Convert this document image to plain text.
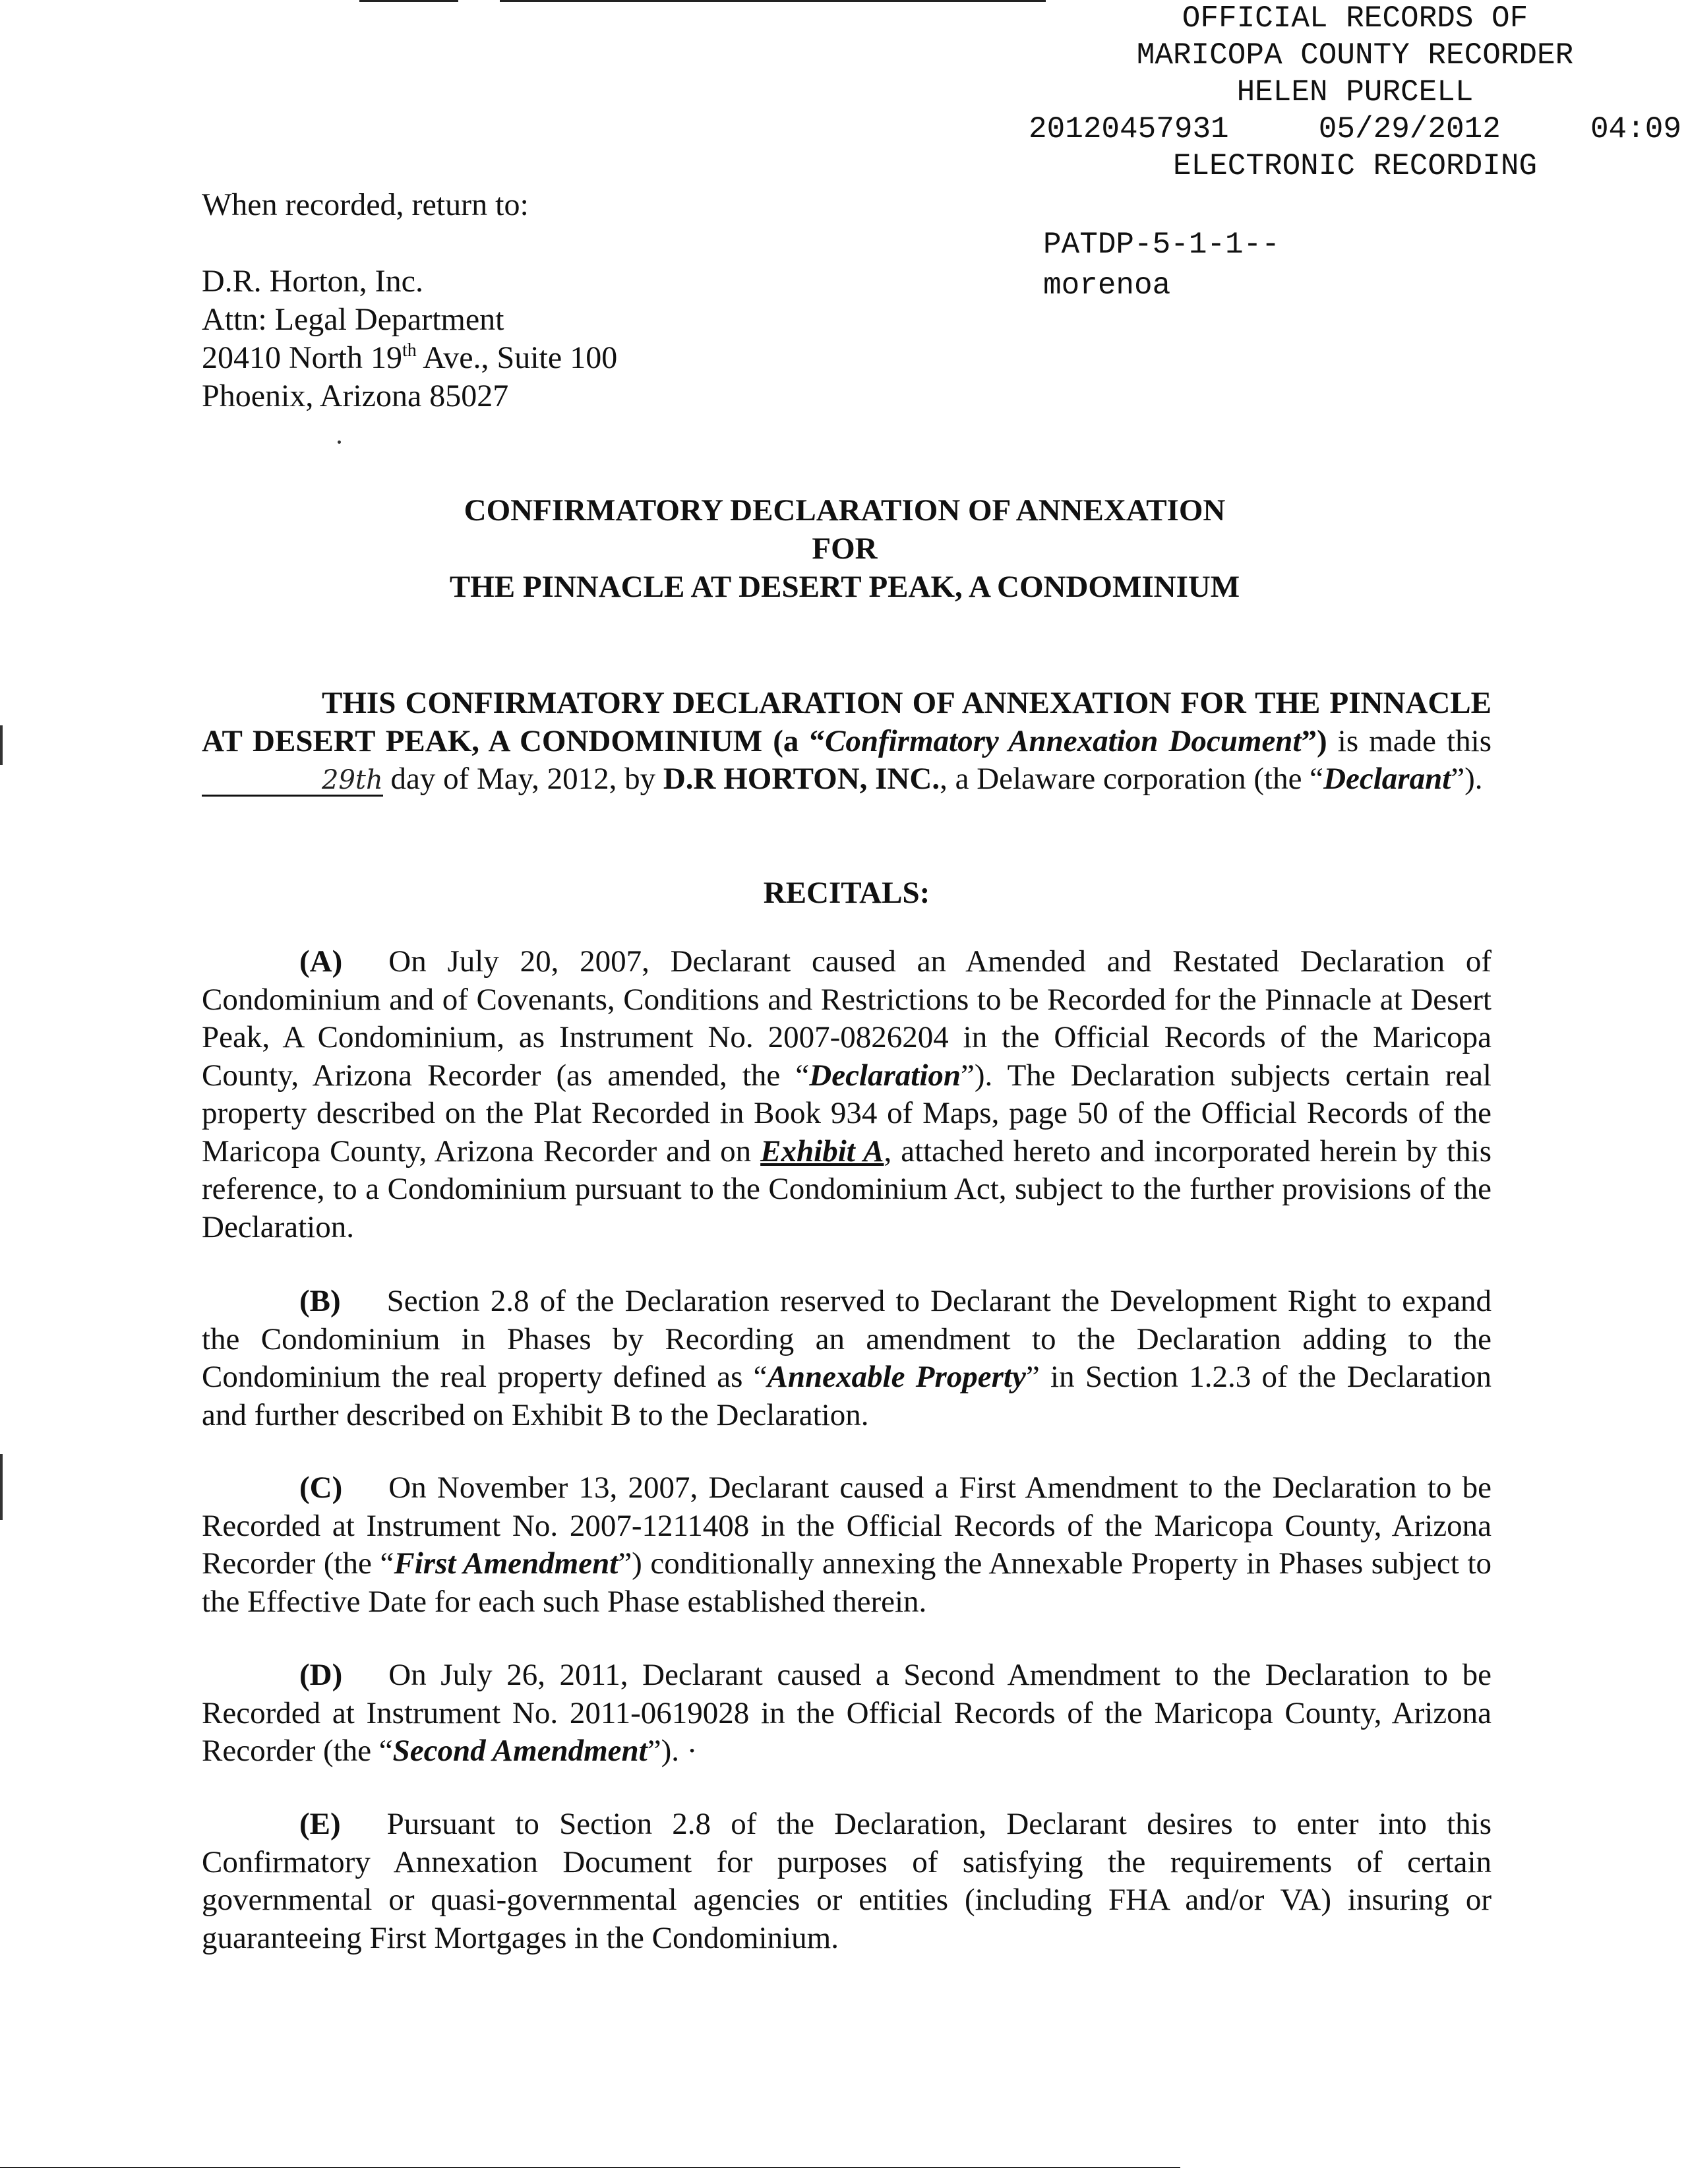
OFFICIAL RECORDS OF
MARICOPA COUNTY RECORDER
HELEN PURCELL
20120457931	05/29/2012	04:09
ELECTRONIC RECORDING
PATDP-5-1-1--
morenoa
When recorded, return to:
D.R. Horton, Inc.
Attn: Legal Department
20410 North 19th Ave., Suite 100
Phoenix, Arizona 85027
CONFIRMATORY DECLARATION OF ANNEXATION
FOR
THE PINNACLE AT DESERT PEAK, A CONDOMINIUM

THIS CONFIRMATORY DECLARATION OF ANNEXATION FOR THE PINNACLE AT DESERT PEAK, A CONDOMINIUM (a “Confirmatory Annexation Document”) is made this 29th day of May, 2012, by D.R HORTON, INC., a Delaware corporation (the “Declarant”).

RECITALS:

(A) On July 20, 2007, Declarant caused an Amended and Restated Declaration of Condominium and of Covenants, Conditions and Restrictions to be Recorded for the Pinnacle at Desert Peak, A Condominium, as Instrument No. 2007-0826204 in the Official Records of the Maricopa County, Arizona Recorder (as amended, the “Declaration”). The Declaration subjects certain real property described on the Plat Recorded in Book 934 of Maps, page 50 of the Official Records of the Maricopa County, Arizona Recorder and on Exhibit A, attached hereto and incorporated herein by this reference, to a Condominium pursuant to the Condominium Act, subject to the further provisions of the Declaration.

(B) Section 2.8 of the Declaration reserved to Declarant the Development Right to expand the Condominium in Phases by Recording an amendment to the Declaration adding to the Condominium the real property defined as “Annexable Property” in Section 1.2.3 of the Declaration and further described on Exhibit B to the Declaration.

(C) On November 13, 2007, Declarant caused a First Amendment to the Declaration to be Recorded at Instrument No. 2007-1211408 in the Official Records of the Maricopa County, Arizona Recorder (the “First Amendment”) conditionally annexing the Annexable Property in Phases subject to the Effective Date for each such Phase established therein.

(D) On July 26, 2011, Declarant caused a Second Amendment to the Declaration to be Recorded at Instrument No. 2011-0619028 in the Official Records of the Maricopa County, Arizona Recorder (the “Second Amendment”). ·

(E) Pursuant to Section 2.8 of the Declaration, Declarant desires to enter into this Confirmatory Annexation Document for purposes of satisfying the requirements of certain governmental or quasi-governmental agencies or entities (including FHA and/or VA) insuring or guaranteeing First Mortgages in the Condominium.
